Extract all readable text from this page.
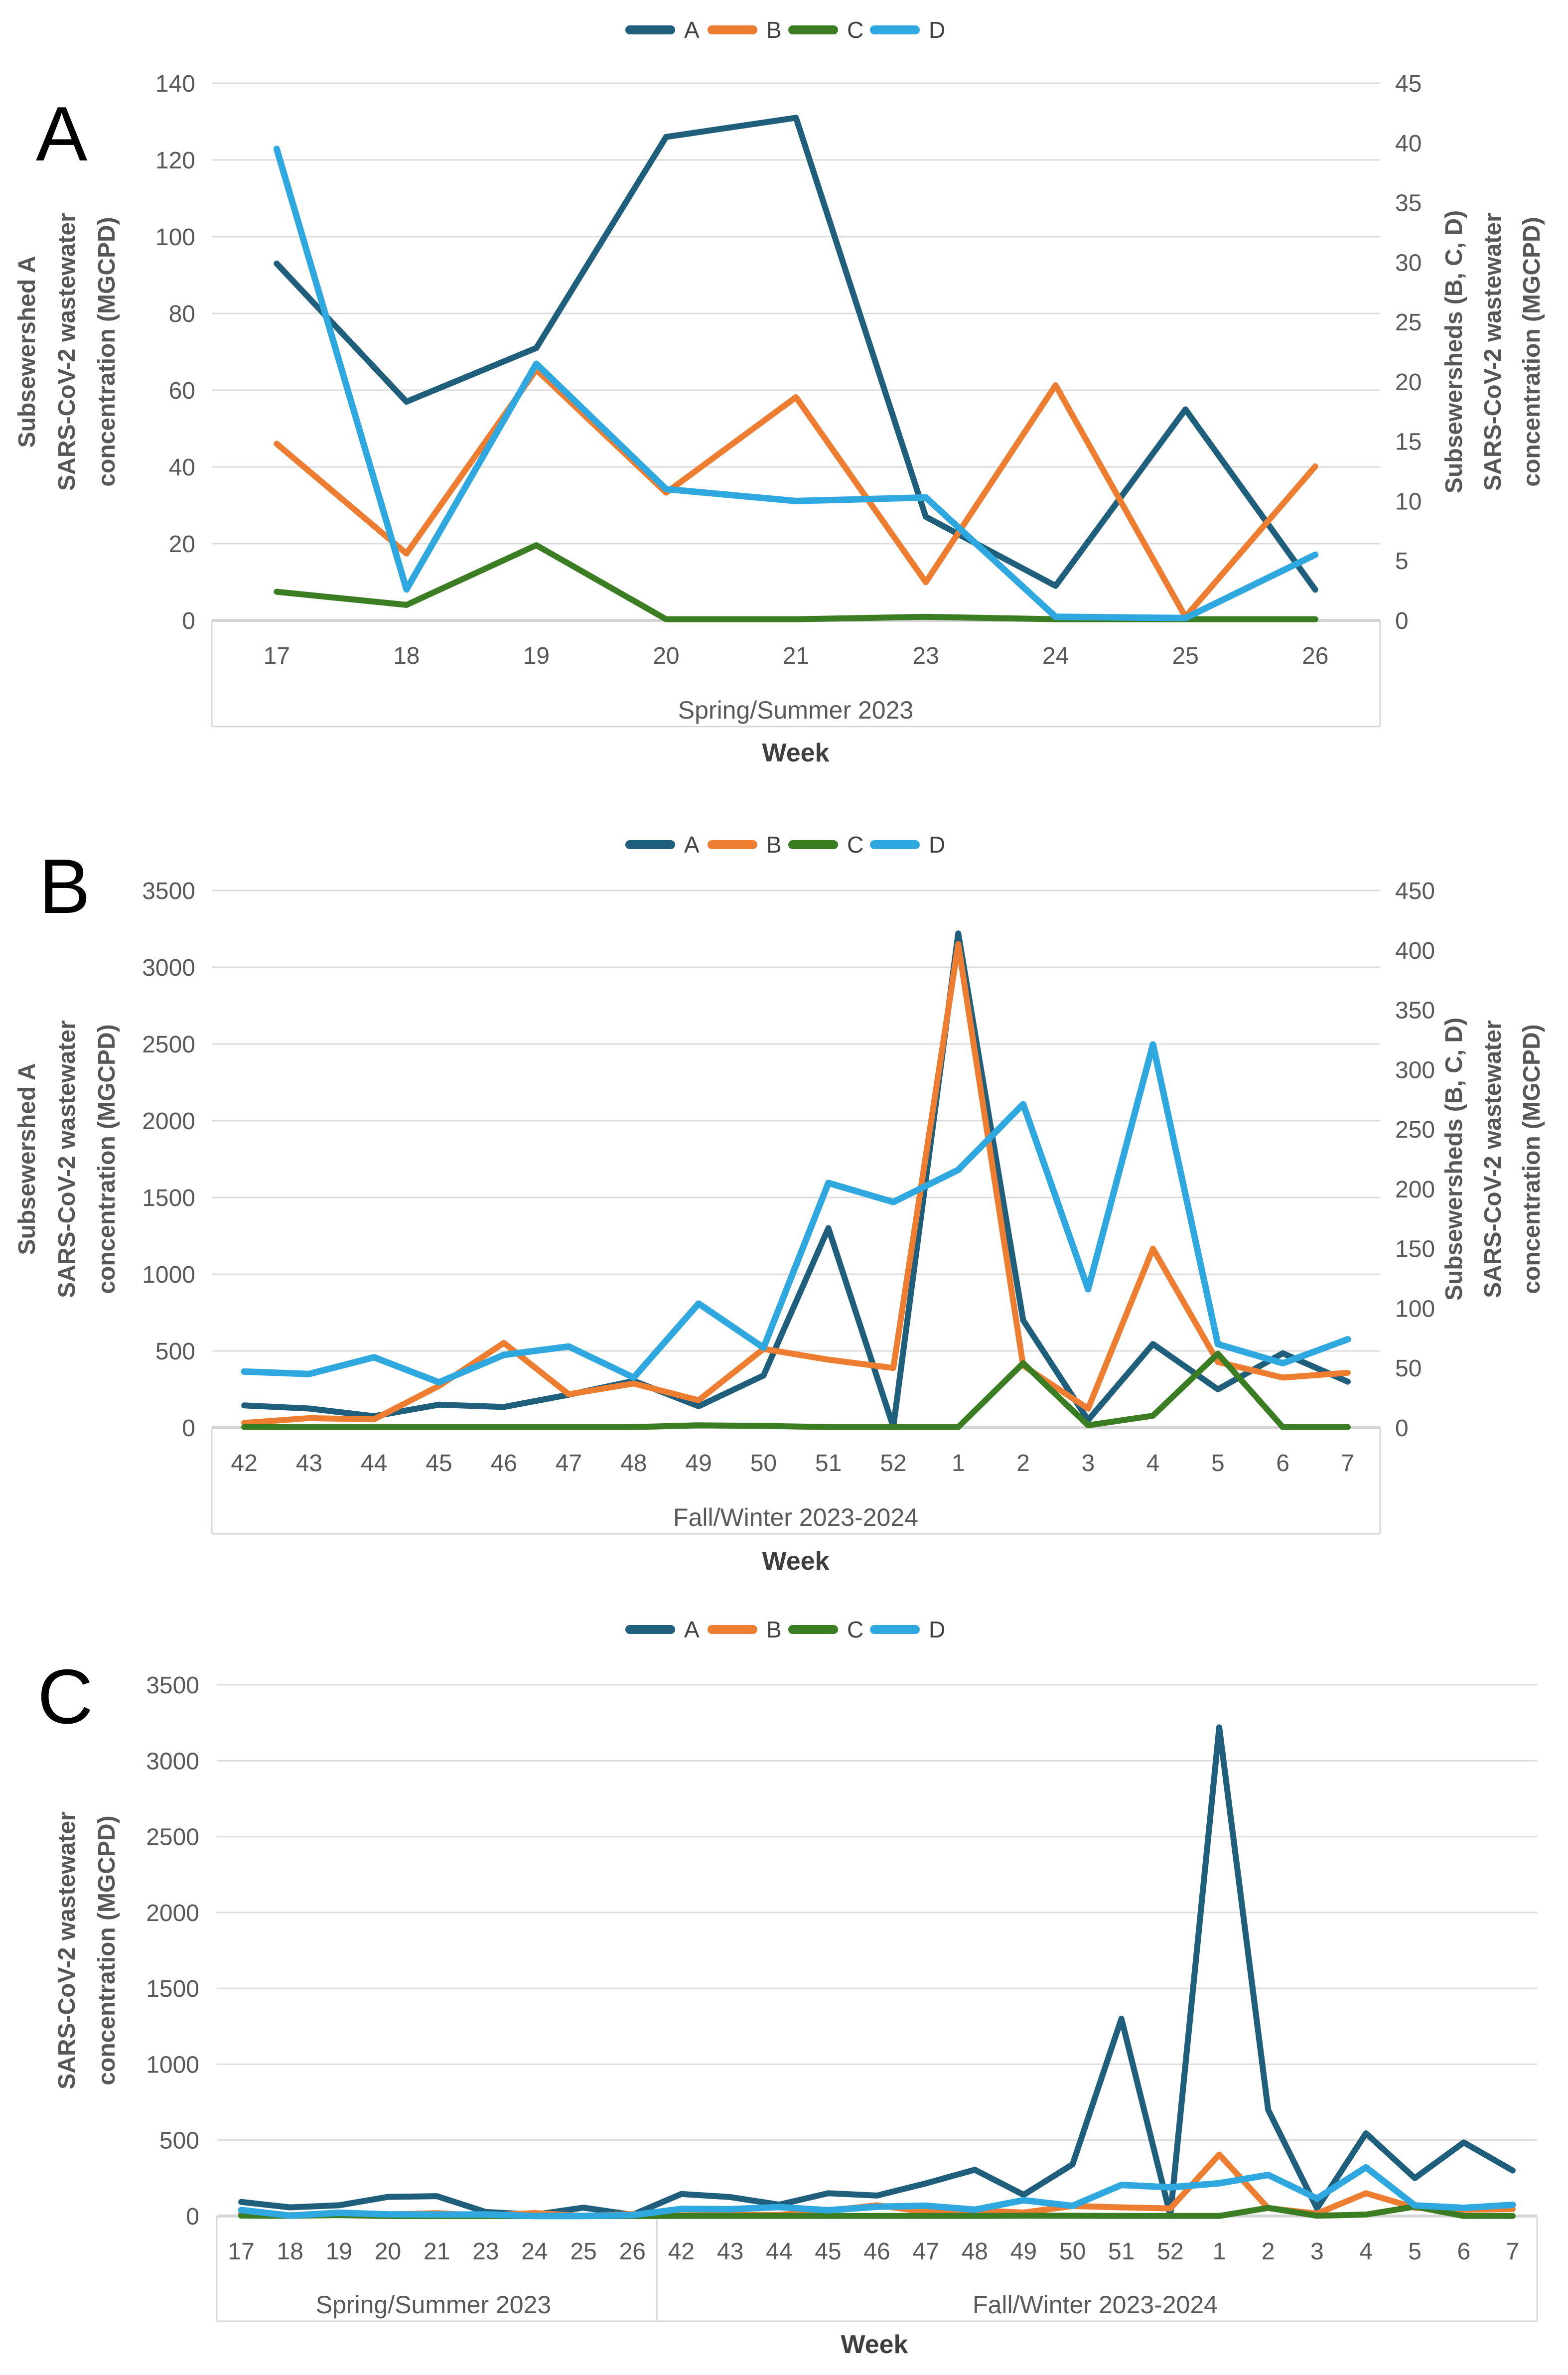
0
20
40
60
80
100
120
140
0
5
10
15
20
25
30
35
40
45
17	18	19	20	21	23	24	25	26
0
500
1000
1500
2000
2500
3000
3500
0
50
100
150
200
250
300
350
400
450
42 43 44 45 46 47 48 49 50 51 52 1 2 3 4 5 6 7
0
500
1000
1500
2000
2500
3000
3500
17 18 19 20 21 23 24 25 26 42 43 44 45 46 47 48 49 50 51 52 1 2 3 4 5 6 7
A
A	B	C	D
Subsewershed A SARS-CoV-2 wastewater concentration (MGCPD)	Subsewersheds (B, C, D) SARS-CoV-2 wastewater concentration (MGCPD)
Spring/Summer 2023
Week
B	A	B	C	D
Subsewershed A SARS-CoV-2 wastewater concentration (MGCPD)	Subsewersheds (B, C, D) SARS-CoV-2 wastewater concentration (MGCPD)
Fall/Winter 2023-2024
Week
C
A	B	C	D
SARS-CoV-2 wastewater concentration (MGCPD)
Spring/Summer 2023	Fall/Winter 2023-2024
Week
